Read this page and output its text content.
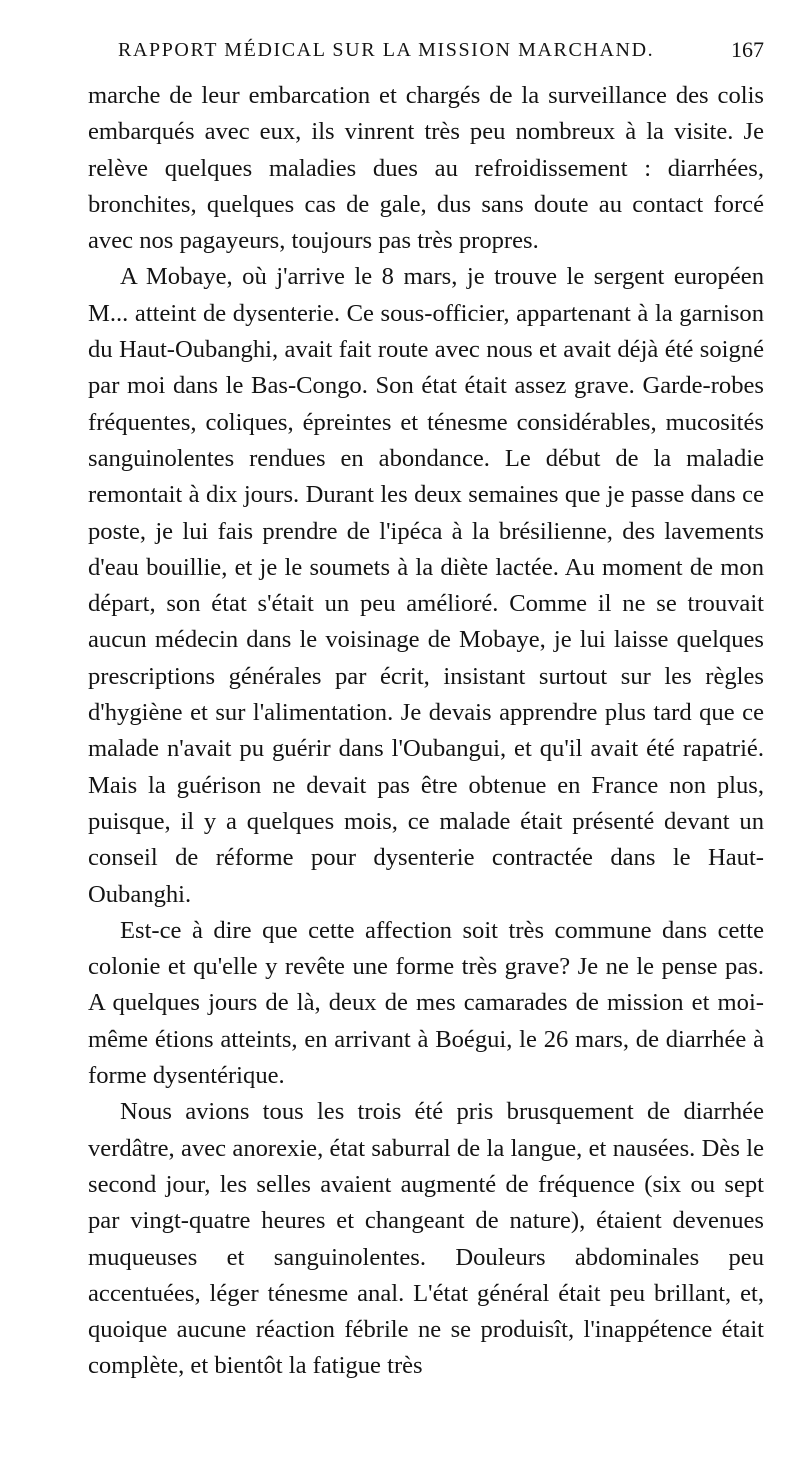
RAPPORT MÉDICAL SUR LA MISSION MARCHAND.	167

marche de leur embarcation et chargés de la surveillance des colis embarqués avec eux, ils vinrent très peu nombreux à la visite. Je relève quelques maladies dues au refroidissement : diarrhées, bronchites, quelques cas de gale, dus sans doute au contact forcé avec nos pagayeurs, toujours pas très propres.

A Mobaye, où j'arrive le 8 mars, je trouve le sergent européen M... atteint de dysenterie. Ce sous-officier, appartenant à la garnison du Haut-Oubanghi, avait fait route avec nous et avait déjà été soigné par moi dans le Bas-Congo. Son état était assez grave. Garde-robes fréquentes, coliques, épreintes et ténesme considérables, mucosités sanguinolentes rendues en abondance. Le début de la maladie remontait à dix jours. Durant les deux semaines que je passe dans ce poste, je lui fais prendre de l'ipéca à la brésilienne, des lavements d'eau bouillie, et je le soumets à la diète lactée. Au moment de mon départ, son état s'était un peu amélioré. Comme il ne se trouvait aucun médecin dans le voisinage de Mobaye, je lui laisse quelques prescriptions générales par écrit, insistant surtout sur les règles d'hygiène et sur l'alimentation. Je devais apprendre plus tard que ce malade n'avait pu guérir dans l'Oubangui, et qu'il avait été rapatrié. Mais la guérison ne devait pas être obtenue en France non plus, puisque, il y a quelques mois, ce malade était présenté devant un conseil de réforme pour dysenterie contractée dans le Haut-Oubanghi.

Est-ce à dire que cette affection soit très commune dans cette colonie et qu'elle y revête une forme très grave? Je ne le pense pas. A quelques jours de là, deux de mes camarades de mission et moi-même étions atteints, en arrivant à Boégui, le 26 mars, de diarrhée à forme dysentérique.

Nous avions tous les trois été pris brusquement de diarrhée verdâtre, avec anorexie, état saburral de la langue, et nausées. Dès le second jour, les selles avaient augmenté de fréquence (six ou sept par vingt-quatre heures et changeant de nature), étaient devenues muqueuses et sanguinolentes. Douleurs abdominales peu accentuées, léger ténesme anal. L'état général était peu brillant, et, quoique aucune réaction fébrile ne se produisît, l'inappétence était complète, et bientôt la fatigue très
